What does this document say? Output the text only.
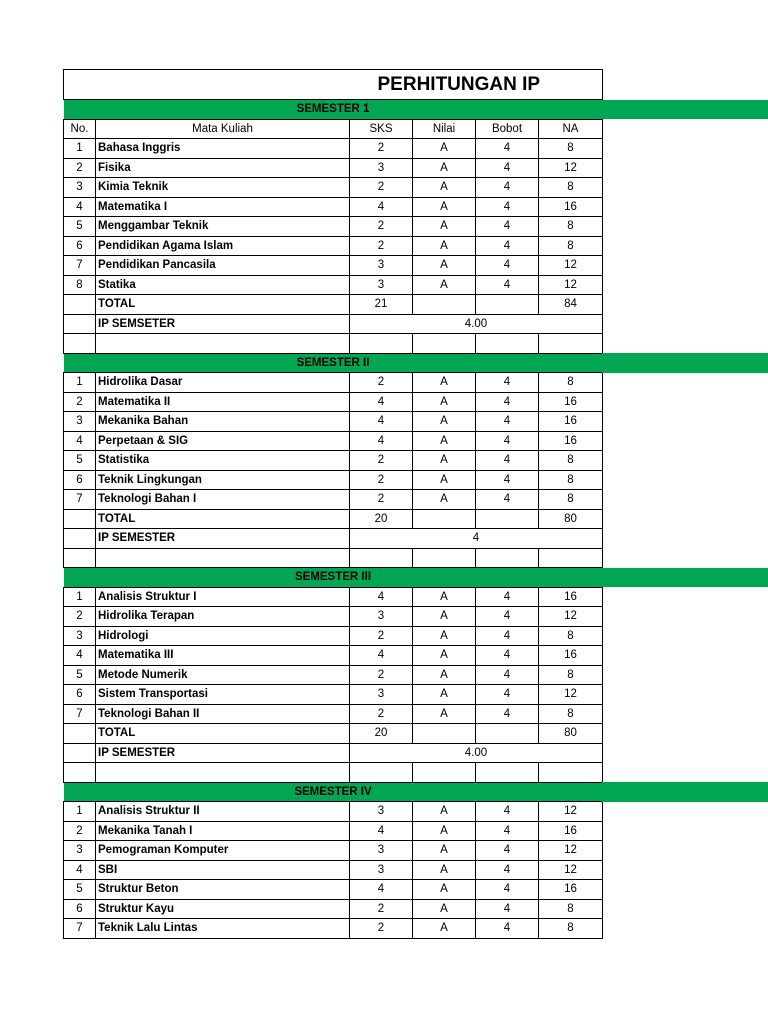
		PERHITUNGAN IP			
SEMESTER 1					
No.	Mata Kuliah	SKS	Nilai	Bobot	NA
1	Bahasa Inggris	2	A	4	8
2	Fisika	3	A	4	12
3	Kimia Teknik	2	A	4	8
4	Matematika I	4	A	4	16
5	Menggambar Teknik	2	A	4	8
6	Pendidikan Agama Islam	2	A	4	8
7	Pendidikan Pancasila	3	A	4	12
8	Statika	3	A	4	12
	TOTAL	21			84
	IP SEMSETER	4.00			

SEMESTER II					
1	Hidrolika Dasar	2	A	4	8
2	Matematika II	4	A	4	16
3	Mekanika Bahan	4	A	4	16
4	Perpetaan & SIG	4	A	4	16
5	Statistika	2	A	4	8
6	Teknik Lingkungan	2	A	4	8
7	Teknologi Bahan I	2	A	4	8
	TOTAL	20			80
	IP SEMESTER	4			

SEMESTER III					
1	Analisis Struktur I	4	A	4	16
2	Hidrolika Terapan	3	A	4	12
3	Hidrologi	2	A	4	8
4	Matematika III	4	A	4	16
5	Metode Numerik	2	A	4	8
6	Sistem Transportasi	3	A	4	12
7	Teknologi Bahan II	2	A	4	8
	TOTAL	20			80
	IP SEMESTER	4.00			

SEMESTER IV					
1	Analisis Struktur II	3	A	4	12
2	Mekanika Tanah I	4	A	4	16
3	Pemograman Komputer	3	A	4	12
4	SBI	3	A	4	12
5	Struktur Beton	4	A	4	16
6	Struktur Kayu	2	A	4	8
7	Teknik Lalu Lintas	2	A	4	8
